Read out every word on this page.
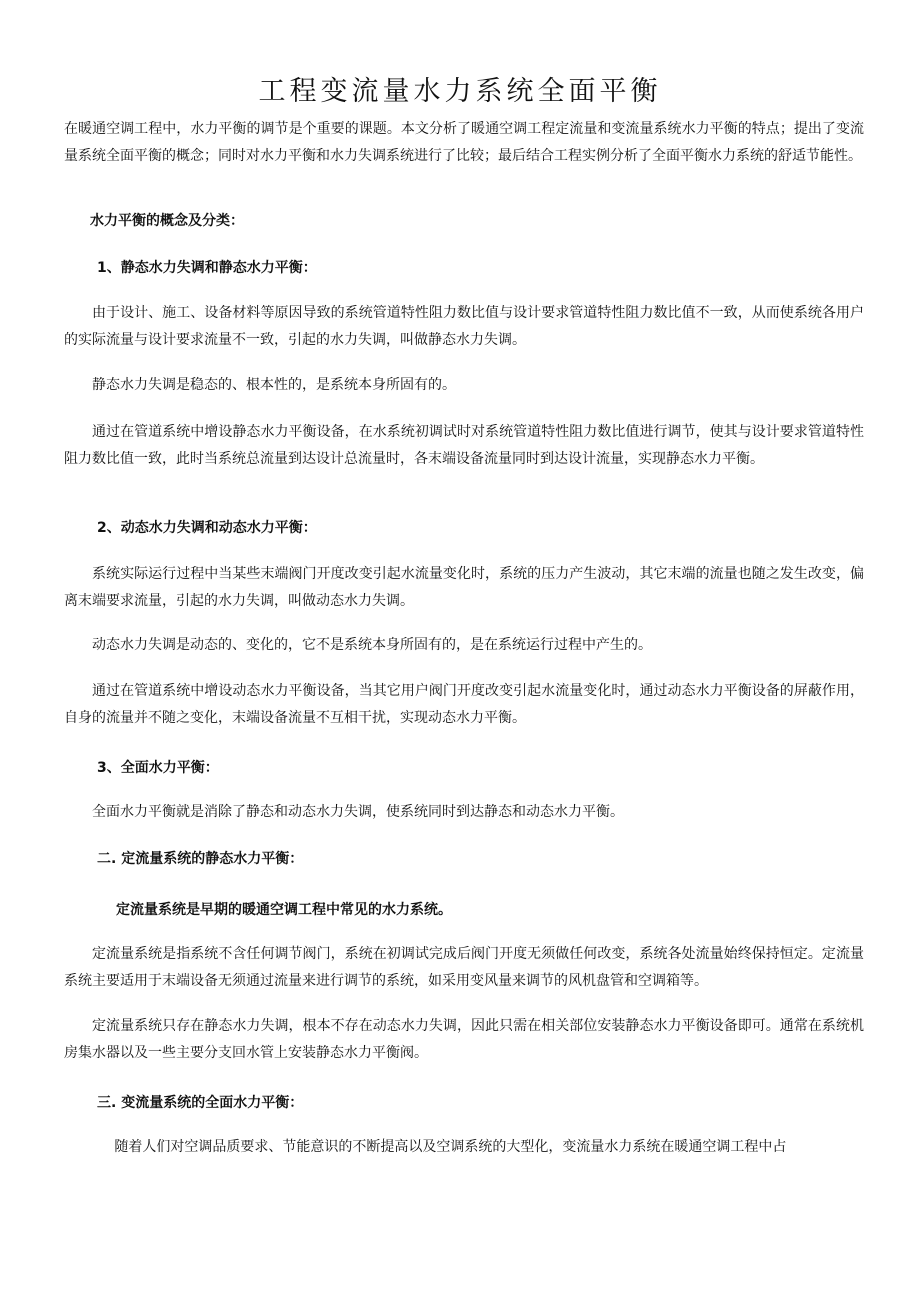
工程变流量水力系统全面平衡

在暖通空调工程中，水力平衡的调节是个重要的课题。本文分析了暖通空调工程定流量和变流量系统水力平衡的特点；提出了变流量系统全面平衡的概念；同时对水力平衡和水力失调系统进行了比较；最后结合工程实例分析了全面平衡水力系统的舒适节能性。

水力平衡的概念及分类：

1、静态水力失调和静态水力平衡：

由于设计、施工、设备材料等原因导致的系统管道特性阻力数比值与设计要求管道特性阻力数比值不一致，从而使系统各用户的实际流量与设计要求流量不一致，引起的水力失调，叫做静态水力失调。

静态水力失调是稳态的、根本性的，是系统本身所固有的。

通过在管道系统中增设静态水力平衡设备，在水系统初调试时对系统管道特性阻力数比值进行调节，使其与设计要求管道特性阻力数比值一致，此时当系统总流量到达设计总流量时，各末端设备流量同时到达设计流量，实现静态水力平衡。

2、动态水力失调和动态水力平衡：

系统实际运行过程中当某些末端阀门开度改变引起水流量变化时，系统的压力产生波动，其它末端的流量也随之发生改变，偏离末端要求流量，引起的水力失调，叫做动态水力失调。

动态水力失调是动态的、变化的，它不是系统本身所固有的，是在系统运行过程中产生的。

通过在管道系统中增设动态水力平衡设备，当其它用户阀门开度改变引起水流量变化时，通过动态水力平衡设备的屏蔽作用，自身的流量并不随之变化，末端设备流量不互相干扰，实现动态水力平衡。

3、全面水力平衡：

全面水力平衡就是消除了静态和动态水力失调，使系统同时到达静态和动态水力平衡。

二. 定流量系统的静态水力平衡：

定流量系统是早期的暖通空调工程中常见的水力系统。

定流量系统是指系统不含任何调节阀门，系统在初调试完成后阀门开度无须做任何改变，系统各处流量始终保持恒定。定流量系统主要适用于末端设备无须通过流量来进行调节的系统，如采用变风量来调节的风机盘管和空调箱等。

定流量系统只存在静态水力失调，根本不存在动态水力失调，因此只需在相关部位安装静态水力平衡设备即可。通常在系统机房集水器以及一些主要分支回水管上安装静态水力平衡阀。

三. 变流量系统的全面水力平衡：

随着人们对空调品质要求、节能意识的不断提高以及空调系统的大型化，变流量水力系统在暖通空调工程中占
